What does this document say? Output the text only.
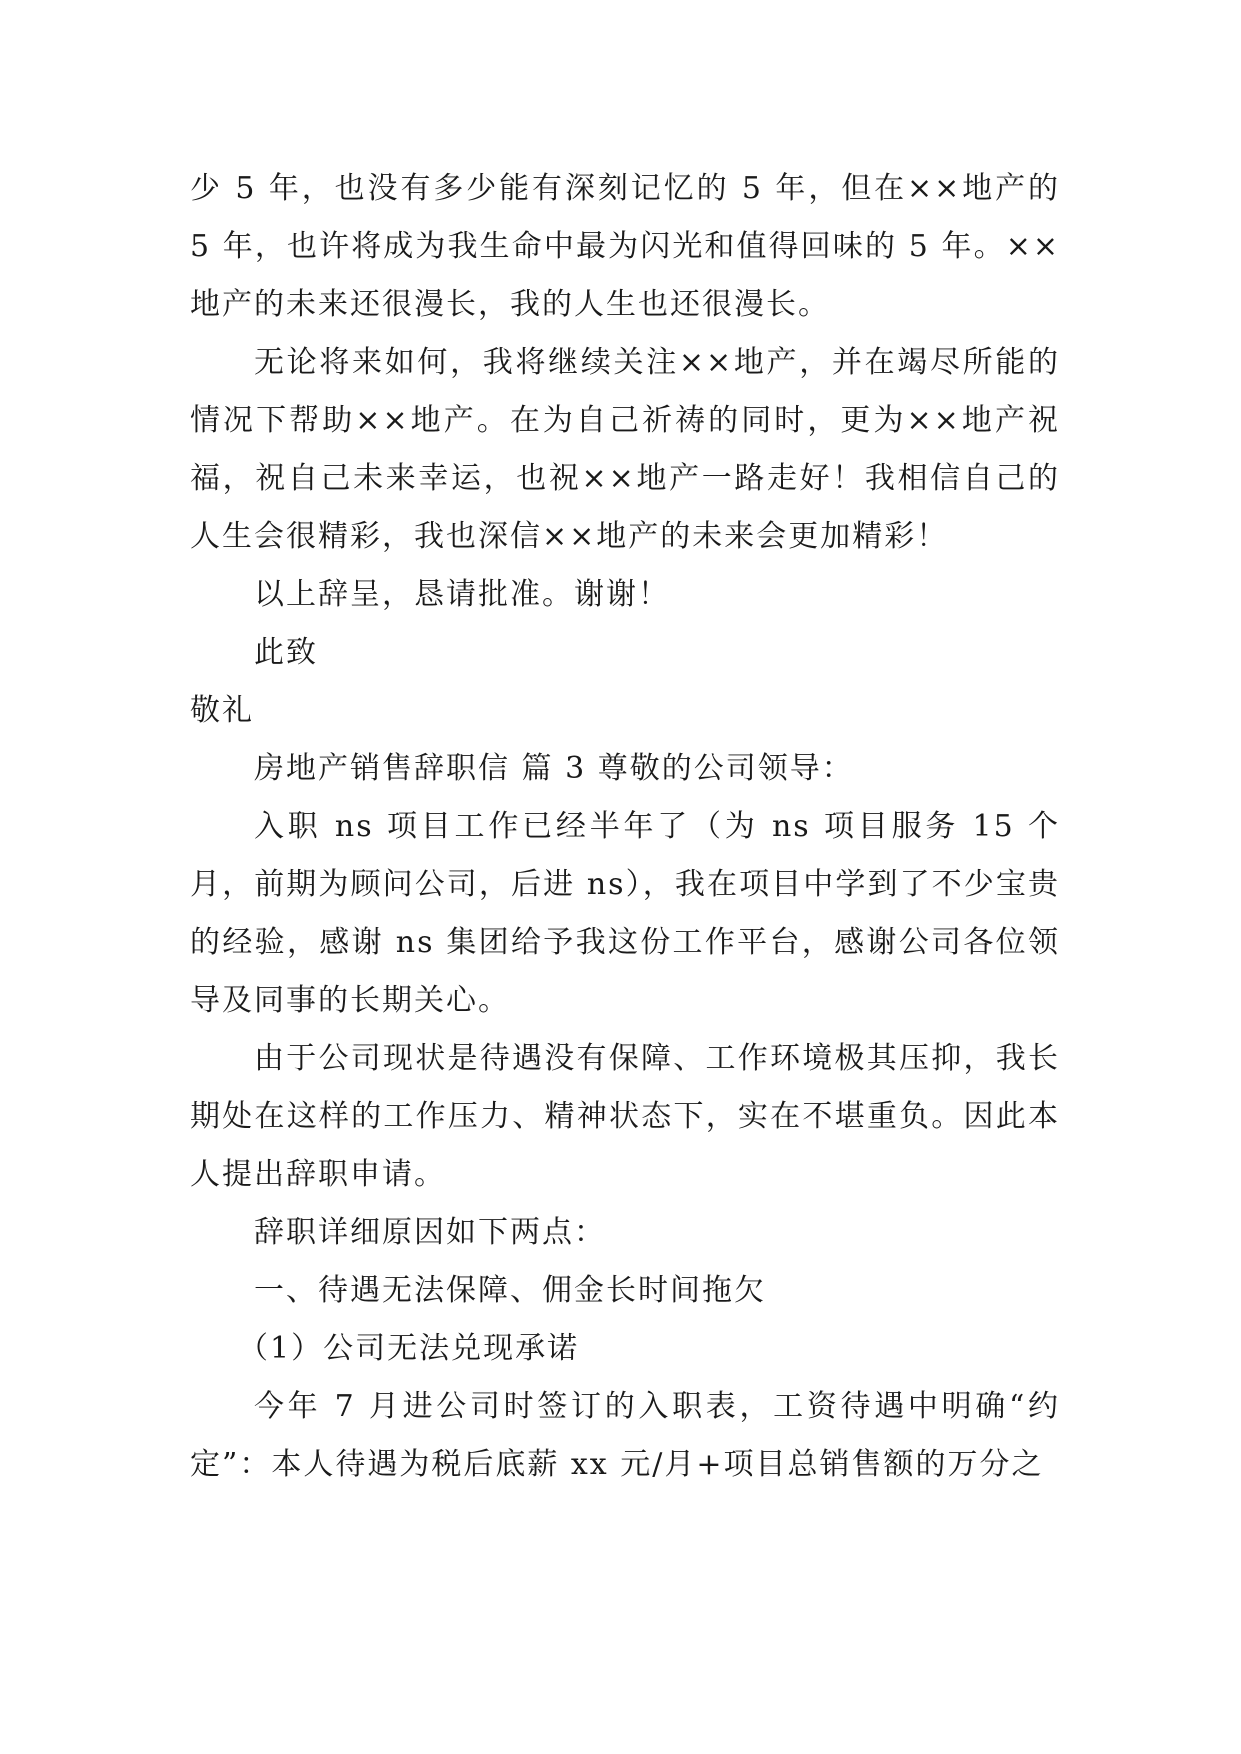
少 5 年，也没有多少能有深刻记忆的 5 年，但在××地产的 5 年，也许将成为我生命中最为闪光和值得回味的 5 年。××地产的未来还很漫长，我的人生也还很漫长。

无论将来如何，我将继续关注××地产，并在竭尽所能的情况下帮助××地产。在为自己祈祷的同时，更为××地产祝福，祝自己未来幸运，也祝××地产一路走好！我相信自己的人生会很精彩，我也深信××地产的未来会更加精彩！

以上辞呈，恳请批准。谢谢！

此致

敬礼

房地产销售辞职信 篇 3 尊敬的公司领导：

入职 ns 项目工作已经半年了（为 ns 项目服务 15 个月，前期为顾问公司，后进 ns），我在项目中学到了不少宝贵的经验，感谢 ns 集团给予我这份工作平台，感谢公司各位领导及同事的长期关心。

由于公司现状是待遇没有保障、工作环境极其压抑，我长期处在这样的工作压力、精神状态下，实在不堪重负。因此本人提出辞职申请。

辞职详细原因如下两点：

一、待遇无法保障、佣金长时间拖欠

（1）公司无法兑现承诺

今年 7 月进公司时签订的入职表，工资待遇中明确“约定”：本人待遇为税后底薪 xx 元/月+项目总销售额的万分之
